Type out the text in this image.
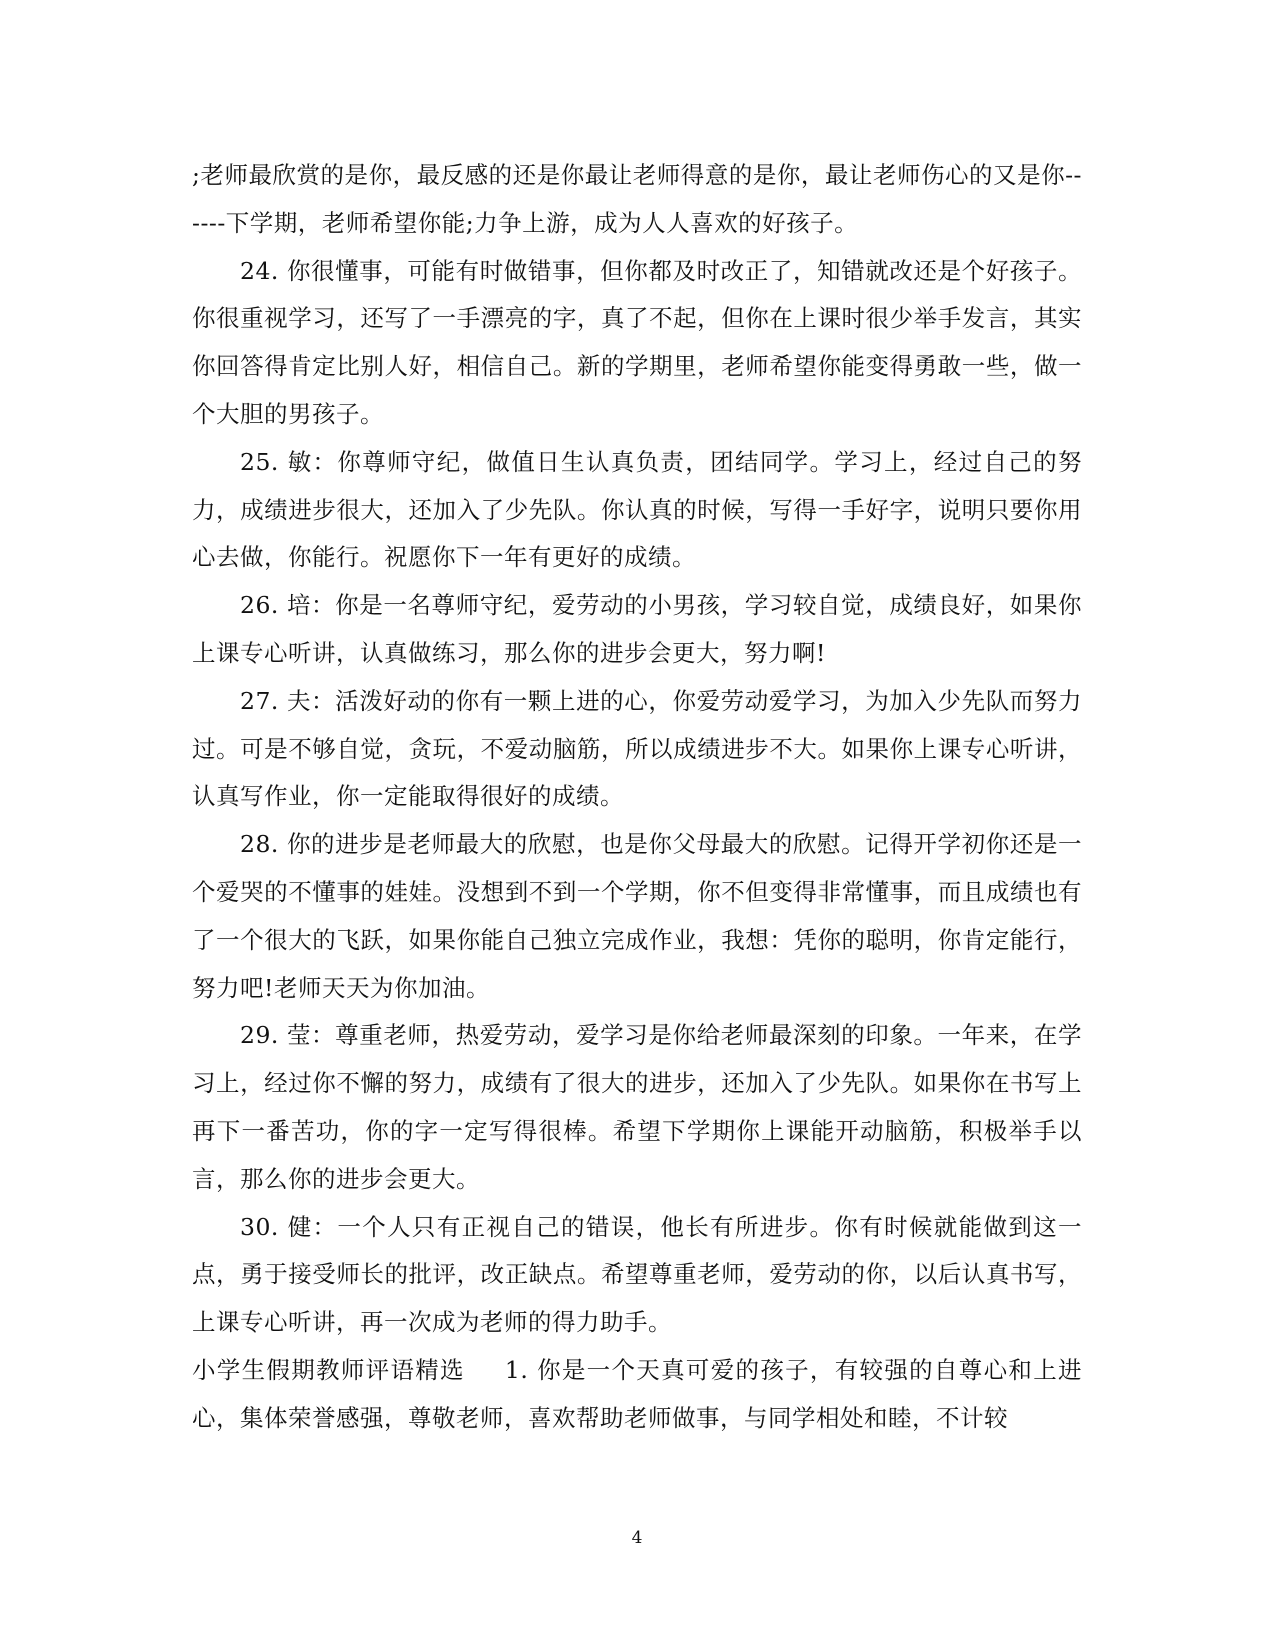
;老师最欣赏的是你，最反感的还是你最让老师得意的是你，最让老师伤心的又是你------下学期，老师希望你能;力争上游，成为人人喜欢的好孩子。

24. 你很懂事，可能有时做错事，但你都及时改正了，知错就改还是个好孩子。你很重视学习，还写了一手漂亮的字，真了不起，但你在上课时很少举手发言，其实你回答得肯定比别人好，相信自己。新的学期里，老师希望你能变得勇敢一些，做一个大胆的男孩子。

25. 敏：你尊师守纪，做值日生认真负责，团结同学。学习上，经过自己的努力，成绩进步很大，还加入了少先队。你认真的时候，写得一手好字，说明只要你用心去做，你能行。祝愿你下一年有更好的成绩。

26. 培：你是一名尊师守纪，爱劳动的小男孩，学习较自觉，成绩良好，如果你上课专心听讲，认真做练习，那么你的进步会更大，努力啊!

27. 夫：活泼好动的你有一颗上进的心，你爱劳动爱学习，为加入少先队而努力过。可是不够自觉，贪玩，不爱动脑筋，所以成绩进步不大。如果你上课专心听讲，认真写作业，你一定能取得很好的成绩。

28. 你的进步是老师最大的欣慰，也是你父母最大的欣慰。记得开学初你还是一个爱哭的不懂事的娃娃。没想到不到一个学期，你不但变得非常懂事，而且成绩也有了一个很大的飞跃，如果你能自己独立完成作业，我想：凭你的聪明，你肯定能行，努力吧!老师天天为你加油。

29. 莹：尊重老师，热爱劳动，爱学习是你给老师最深刻的印象。一年来，在学习上，经过你不懈的努力，成绩有了很大的进步，还加入了少先队。如果你在书写上再下一番苦功，你的字一定写得很棒。希望下学期你上课能开动脑筋，积极举手以言，那么你的进步会更大。

30. 健：一个人只有正视自己的错误，他长有所进步。你有时候就能做到这一点，勇于接受师长的批评，改正缺点。希望尊重老师，爱劳动的你，以后认真书写，上课专心听讲，再一次成为老师的得力助手。

小学生假期教师评语精选 1. 你是一个天真可爱的孩子，有较强的自尊心和上进心，集体荣誉感强，尊敬老师，喜欢帮助老师做事，与同学相处和睦，不计较

4
